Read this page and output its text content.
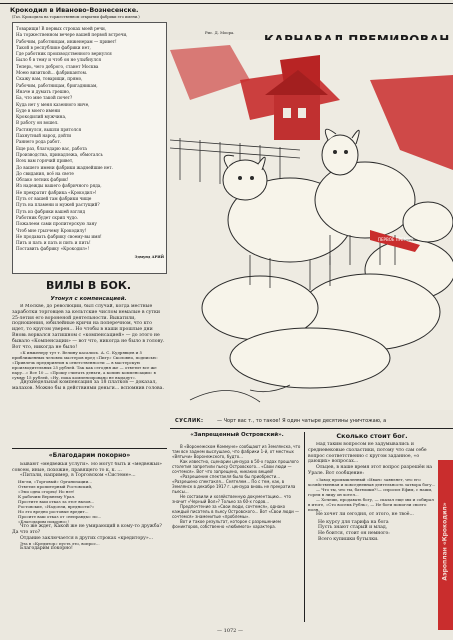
Крокодил в Иваново-Вознесенске.
(Газ. Крокодила на торжественном открытии фабрики его имени.)
Рис. Д. Моора.

Товарищи! В первых строках моей речи,

На торжественном вечере вашей первой встречи,

Рабочим, работницам, инженерам — привет!

Такой в республике фабрики нет,

Где работник производственного вернулся

Было б в тему и чтоб он не улыбнулся

Теперь, чего доброго, станет Москва

Моею визиткой... фабрикантом.

Скажу вам, товарищи, прямо,

Рабочим, работницам, бригадникам,

Иначе и думать грешно,

Ба, что мне такой почет?

Куда нет у меня казенного ниче,

Буде в моего имени

Крокодилий мужчина,

В работу он вошел.

Растянулся, вышли прятолся

Пахнутный народ, дойти

Раннего рода работ.

Еще раз, благодарю вас, работа

Производства, принадлежа, обмоталсь

Всех вам горячий привет,

До вашего имени фабрики жаднейшие нет.

До свидания, всё на свете

Облако летних фабрик!

Из надежды вашего фабричного ряда,

Не прекратит фабрика «Крокодил»!

Путь от вашей там фабрики чище

Путь на пламени и мужей растущий?

Путь из фабрики вашей взгляд

Работник будет скрип чудо.

Пожалеем сами пропитерскую лану

Чтоб мне грызчему Крокодилу!

Не продавать фабрику своему-вы имя!

Пить и пать и пать и пить и пить!

Поставить фабрику «Крокодил»!

Эдмунд АРИЙ
ВИЛЫ В БОК.
Утонул с компенсацией.

В Москве, до революции, был случай, когда местные заработки торговцев за кельтские числом немалые в сутки 25-летия его вороненой деятельности. Выкатили, подношения, юбилейные кричи на поперечном, что кто идет, то кругом уверен... Но чтобы в наши прошлые дни Вновь ворвался затишном с «компенсацией» — до этого не бывало «Компенсации» — вот что, никогда не было в голову. Вот что, никогда не было!

«К инженеру тут т. Велину касались. А. С. Кудрявцев и 5 приближенных человек мастеров пред «Пигу» Сколовно, подписью: «Привлечь предприятия к ответственности — в мастерскую производительных 25 рублей. Так как сегодня же — ответит все же пару...» Все 10 — «Прошу считать деньги, а копию компенсации» в сумму 15 рублей, «Ну, пока компенсировано не выдадут».

Двухнедельная компенсация за 18 платков — доказал, малахов. Можно бы в действиями деньги... вспомнив голова.

«Благодарим покорно»

Бывают «медвежьи услуги». Но могут быть и «медвежьи» совсем, иные, похожие, правящего то к, к. ...

«Питали, например, в Торговском «Системе»...

Им-ли, «Торговый» Организации...

Ответил пропитерный Ростовский,

«Эмо одна сгорец! Но нет!

К рабочим Верхнему Урал.

Простите ваш отказ за этот вызов...

Ростовские, «Надоели, вредности?»

Но это вредно ростовые вредит...

Просите ваш отказ от «неправды» по...

«Благодарим покорно»!

Что же ждет, Какой же не умирающий в кому-то дружба? Да что это?

Отдание заключается в других строках «кредитору»...

Эта в «Кредитор» пусть это, вопрос...

Благодарим покорно!

ПЕРВОЕ ПРЕМИЯ
СУСЛИК:	— Чорт вас т., то такое! Я один чатыре десятины уничтожаю, а
«Запрещенный Островский».

В «Воронежском Коммуне» сообщают из Землянска, что там все заднем выслушано, что фабрики 1-й, от местных «Вятычи» Воронежского, будто...

Как известно, сценарии цензура в 50-х годах прошлого столетия запретили пьесу Островского... «Свои люди — сочтемся». Вот что запрещено, никаких вещей!

«Разрешение спектакля было бы приобрести... «Разрешено спектакля... Сеятелем... По с тем, как, в Землянск в декабре 1917 г. цензура вновь не прекратила пьесы...

Не составили и хозяйственную документацию... что значит «Черный Вол»? Только за 60-х годов...

Предпочтение за «Свои люди, сочтемся», однако каждый писатель в пьесу Островского... Вот «Свои люди — сочтемся» знаменитые «проблемы».

Вот и такое результат, которое с разрешением фоникторов, собственно «любимого» характера.

Сколько стоит бог.

Над таким вопросом не задумывались и средневековые схоластики, потому что сам себе вопрос соответственно с кругом заданное, «о дающих» вопросах...

Ольцев, в наше время этот вопрос разрешён на Урале. Вот сообщение:

«Завод промышленный «Иван» заявляет, что его хозяйственная и повседневная деятельность затвора богу...

— Что ты, что ты, батюшки?!— спросил Ефим, с наши, горем в лицу он хотел...

— Хочешь, продавать богу, — сказал еще мы и собирал в итоге, «Сто восемь Рубль», — Не боги помогли своего поля...

Не хочет ли сегодня, от этого, не твоё...

Не курсу для тарифа на бога

Пусть знают старый и млад,

Не боится, стоит он немного:

Всего купишки бутылки.	Аэроплан «Крокодил»
— 1072 —
